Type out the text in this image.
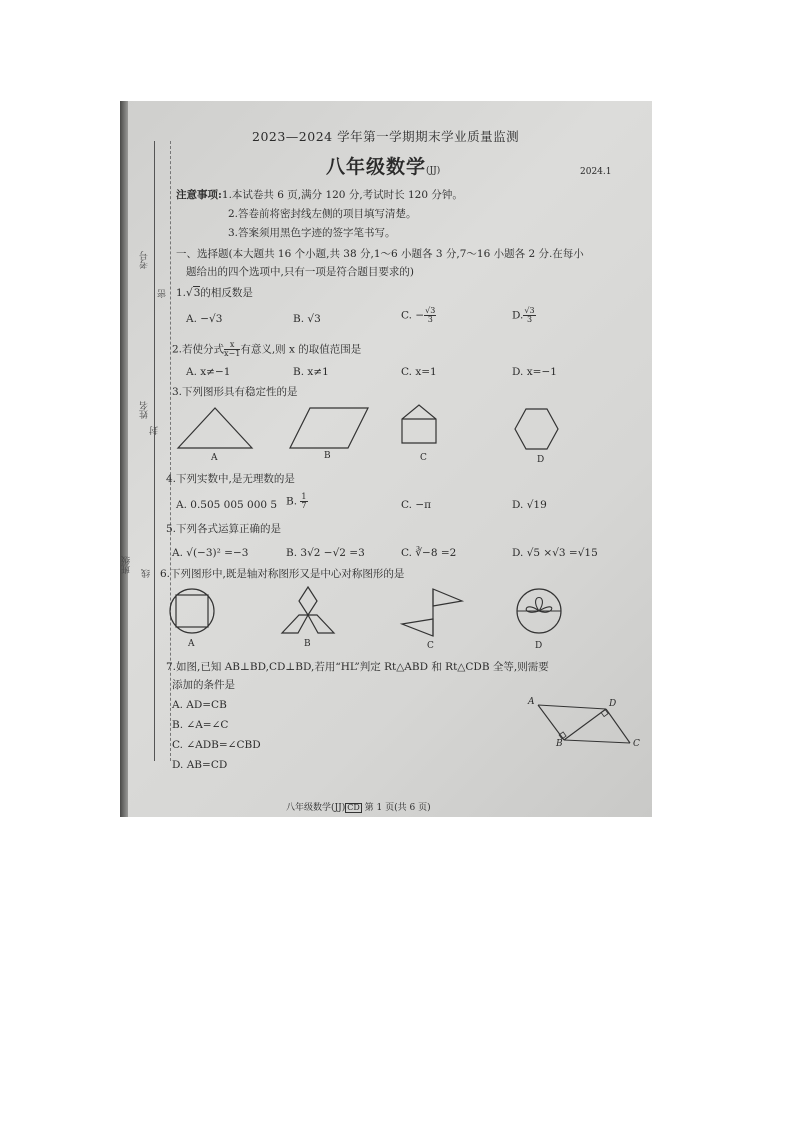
考号
姓名
班级
密
封
线
2023—2024 学年第一学期期末学业质量监测
八年级数学(JJ)	2024.1
注意事项:1.本试卷共 6 页,满分 120 分,考试时长 120 分钟。
2.答卷前将密封线左侧的项目填写清楚。
3.答案须用黑色字迹的签字笔书写。
一、选择题(本大题共 16 个小题,共 38 分,1～6 小题各 3 分,7～16 小题各 2 分.在每小
题给出的四个选项中,只有一项是符合题目要求的)
1.√3的相反数是
A. −√3	B. √3	C. − $\frac{√3}{3}$	D. $\frac{√3}{3}$
2.若使分式 $\frac{x}{x-1}$ 有意义,则 x 的取值范围是
A. x≠−1	B. x≠1	C. x=1	D. x=−1
3.下列图形具有稳定性的是
A	B	C	D
4.下列实数中,是无理数的是
A. 0.505 005 000 5 B. $\frac{1}{7}$	C. −π	D. √19
5.下列各式运算正确的是
A. √(−3)² =−3	B. 3√2 −√2 =3	C. ∛−8 =2	D. √5 ×√3 =√15
6.下列图形中,既是轴对称图形又是中心对称图形的是
A	B	C	D
7.如图,已知 AB⊥BD,CD⊥BD,若用“HL”判定 Rt△ABD 和 Rt△CDB 全等,则需要
添加的条件是
A. AD=CB
B. ∠A=∠C
C. ∠ADB=∠CBD
D. AB=CD
A	D
B	C
八年级数学(JJ) CD 第 1 页(共 6 页)
